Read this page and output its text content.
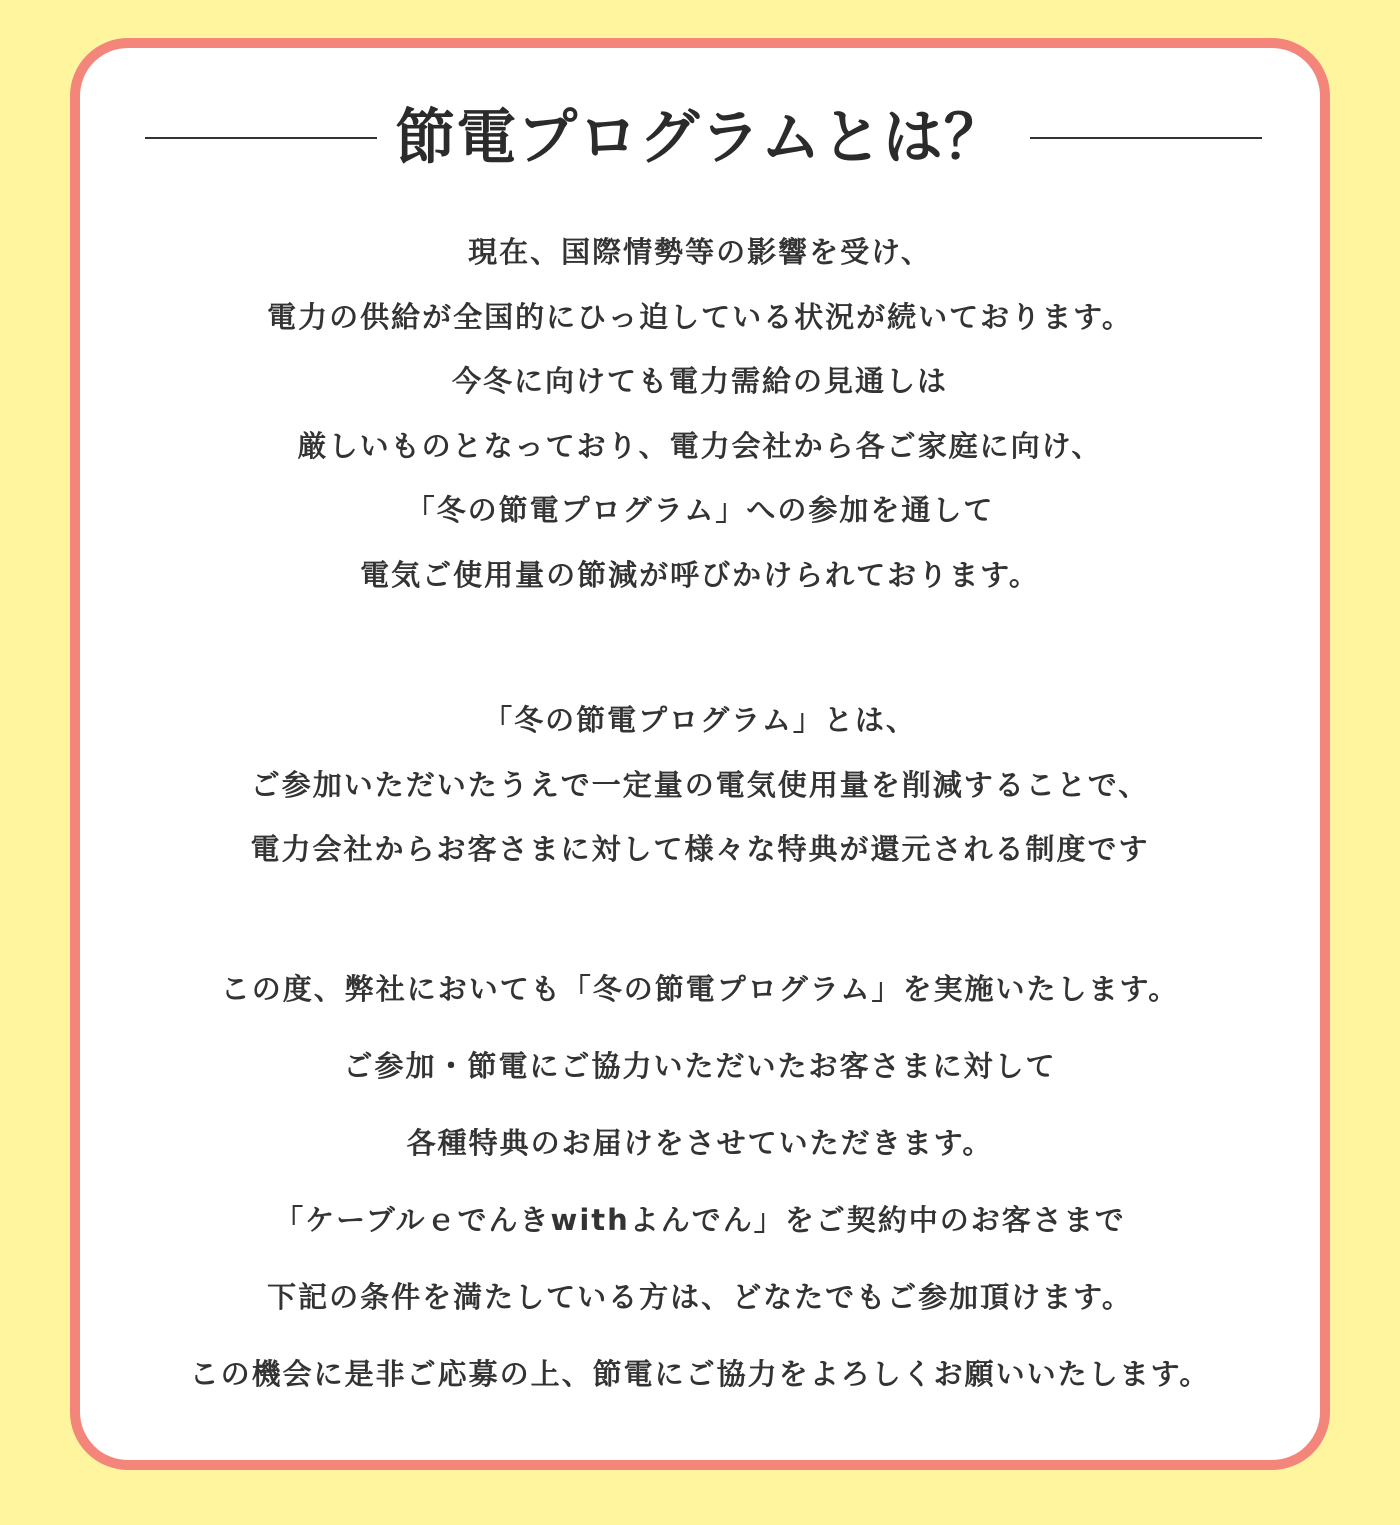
節電プログラムとは？

現在、国際情勢等の影響を受け、
電力の供給が全国的にひっ迫している状況が続いております。
今冬に向けても電力需給の見通しは
厳しいものとなっており、電力会社から各ご家庭に向け、
「冬の節電プログラム」への参加を通して
電気ご使用量の節減が呼びかけられております。

「冬の節電プログラム」とは、
ご参加いただいたうえで一定量の電気使用量を削減することで、
電力会社からお客さまに対して様々な特典が還元される制度です

この度、弊社においても「冬の節電プログラム」を実施いたします。
ご参加・節電にご協力いただいたお客さまに対して
各種特典のお届けをさせていただきます。
「ケーブルｅでんきwithよんでん」をご契約中のお客さまで
下記の条件を満たしている方は、どなたでもご参加頂けます。
この機会に是非ご応募の上、節電にご協力をよろしくお願いいたします。
